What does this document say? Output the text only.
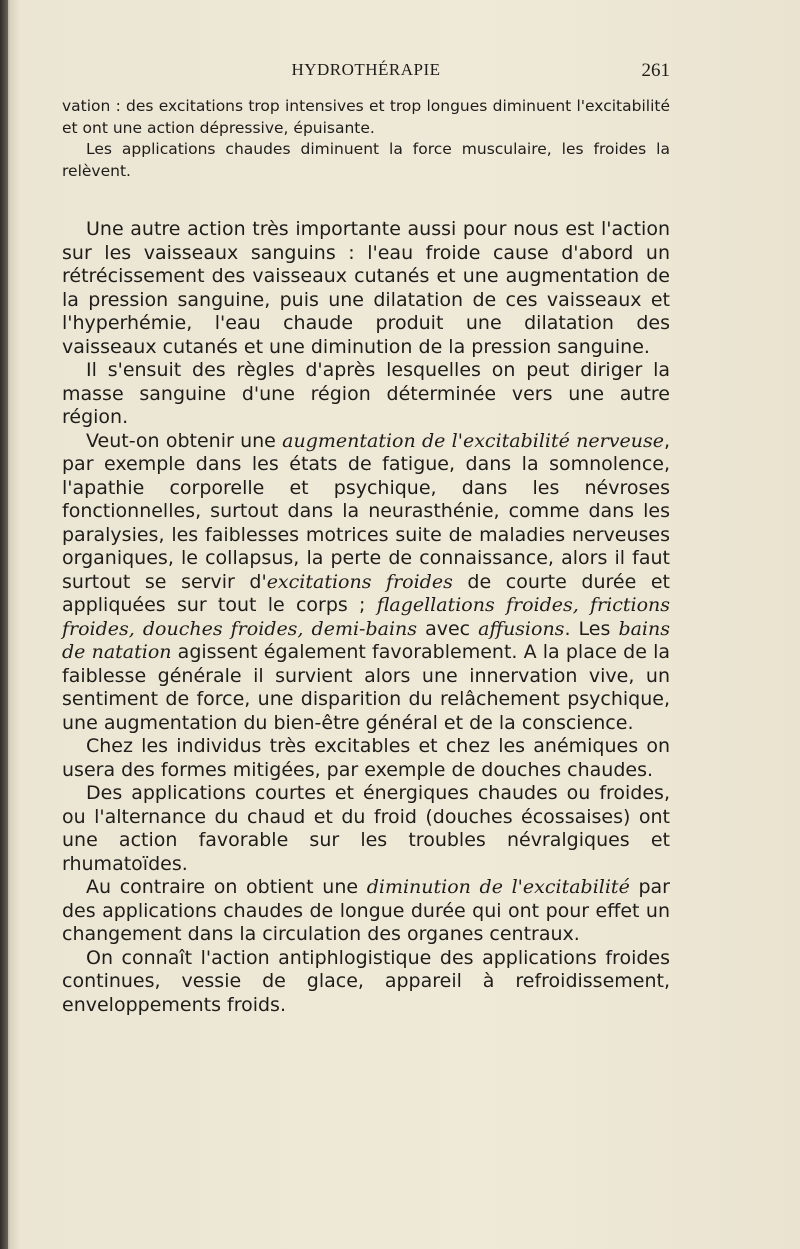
HYDROTHÉRAPIE	261

vation : des excitations trop intensives et trop longues diminuent l'excitabilité et ont une action dépressive, épuisante.

Les applications chaudes diminuent la force musculaire, les froides la relèvent.

Une autre action très importante aussi pour nous est l'action sur les vaisseaux sanguins : l'eau froide cause d'abord un rétrécissement des vaisseaux cutanés et une augmentation de la pression sanguine, puis une dilatation de ces vaisseaux et l'hyperhémie, l'eau chaude produit une dilatation des vaisseaux cutanés et une diminution de la pression sanguine.

Il s'ensuit des règles d'après lesquelles on peut diriger la masse sanguine d'une région déterminée vers une autre région.

Veut-on obtenir une augmentation de l'excitabilité nerveuse, par exemple dans les états de fatigue, dans la somnolence, l'apathie corporelle et psychique, dans les névroses fonctionnelles, surtout dans la neurasthénie, comme dans les paralysies, les faiblesses motrices suite de maladies nerveuses organiques, le collapsus, la perte de connaissance, alors il faut surtout se servir d'excitations froides de courte durée et appliquées sur tout le corps ; flagellations froides, frictions froides, douches froides, demi-bains avec affusions. Les bains de natation agissent également favorablement. A la place de la faiblesse générale il survient alors une innervation vive, un sentiment de force, une disparition du relâchement psychique, une augmentation du bien-être général et de la conscience.

Chez les individus très excitables et chez les anémiques on usera des formes mitigées, par exemple de douches chaudes.

Des applications courtes et énergiques chaudes ou froides, ou l'alternance du chaud et du froid (douches écossaises) ont une action favorable sur les troubles névralgiques et rhumatoïdes.

Au contraire on obtient une diminution de l'excitabilité par des applications chaudes de longue durée qui ont pour effet un changement dans la circulation des organes centraux.

On connaît l'action antiphlogistique des applications froides continues, vessie de glace, appareil à refroidissement, enveloppements froids.
